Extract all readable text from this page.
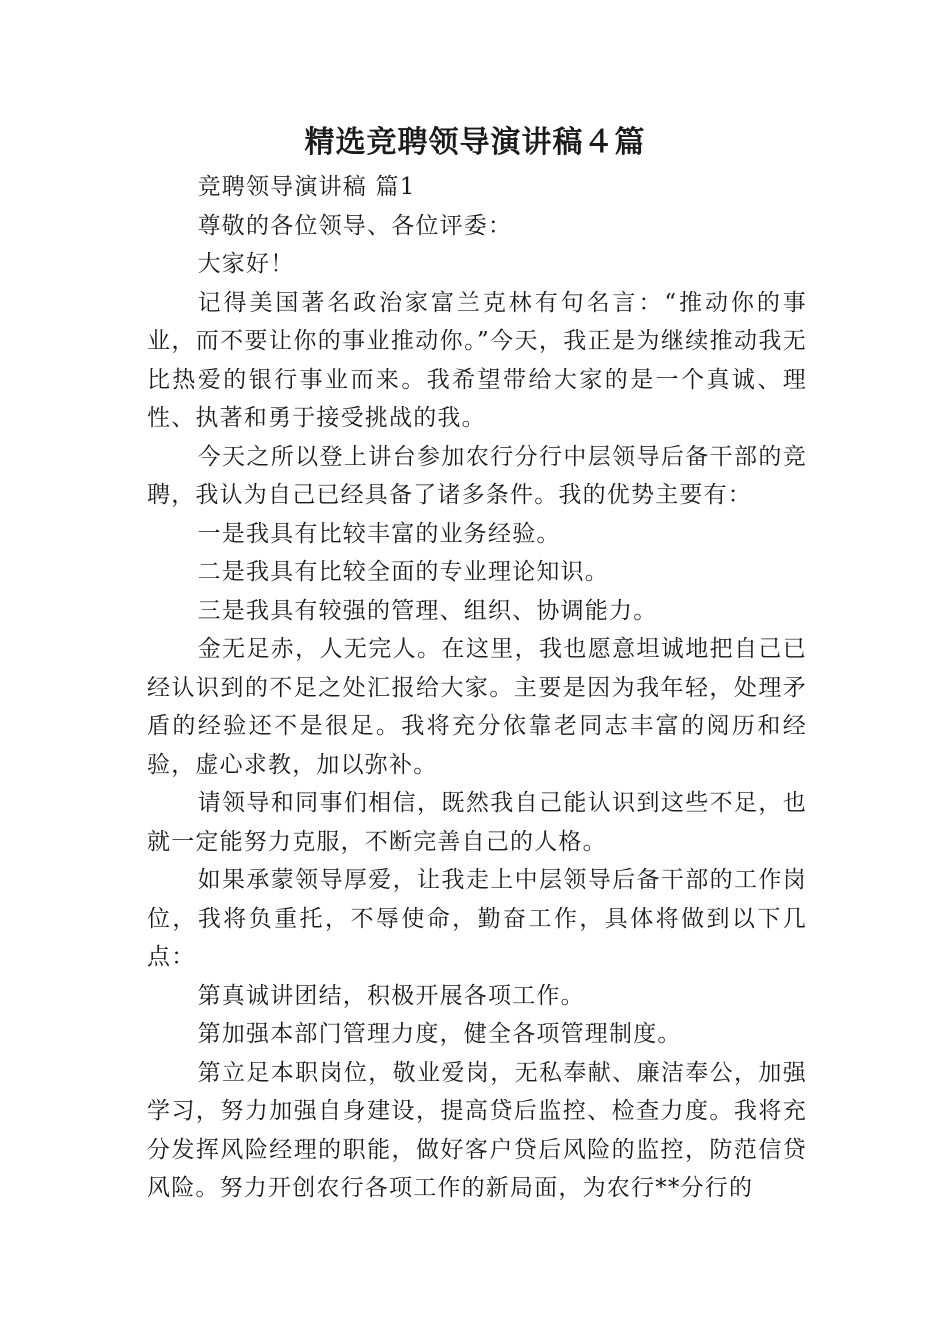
精选竞聘领导演讲稿４篇

竞聘领导演讲稿 篇1

尊敬的各位领导、各位评委：

大家好！

记得美国著名政治家富兰克林有句名言：“推动你的事业，而不要让你的事业推动你。”今天，我正是为继续推动我无比热爱的银行事业而来。我希望带给大家的是一个真诚、理性、执著和勇于接受挑战的我。

今天之所以登上讲台参加农行分行中层领导后备干部的竞聘，我认为自己已经具备了诸多条件。我的优势主要有：

一是我具有比较丰富的业务经验。

二是我具有比较全面的专业理论知识。

三是我具有较强的管理、组织、协调能力。

金无足赤，人无完人。在这里，我也愿意坦诚地把自己已经认识到的不足之处汇报给大家。主要是因为我年轻，处理矛盾的经验还不是很足。我将充分依靠老同志丰富的阅历和经验，虚心求教，加以弥补。

请领导和同事们相信，既然我自己能认识到这些不足，也就一定能努力克服，不断完善自己的人格。

如果承蒙领导厚爱，让我走上中层领导后备干部的工作岗位，我将负重托，不辱使命，勤奋工作，具体将做到以下几点：

第真诚讲团结，积极开展各项工作。

第加强本部门管理力度，健全各项管理制度。

第立足本职岗位，敬业爱岗，无私奉献、廉洁奉公，加强学习，努力加强自身建设，提高贷后监控、检查力度。我将充分发挥风险经理的职能，做好客户贷后风险的监控，防范信贷风险。努力开创农行各项工作的新局面，为农行**分行的
